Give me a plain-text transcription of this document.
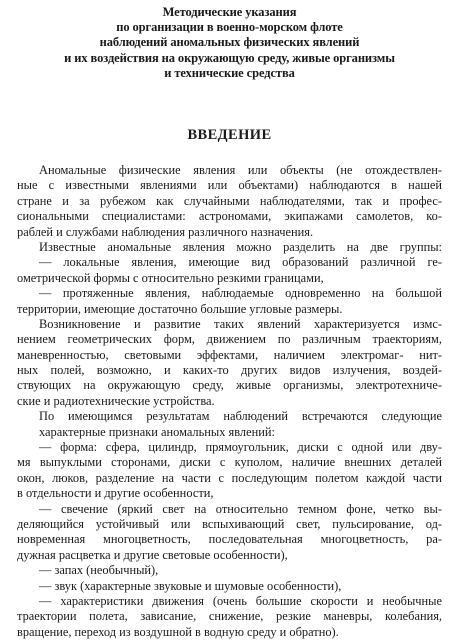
Методические указания
по организации в военно-морском флоте
наблюдений аномальных физических явлений
и их воздействия на окружающую среду, живые организмы
и технические средства
ВВЕДЕНИЕ
Аномальные физические явления или объекты (не отождествлен-
ные с известными явлениями или объектами) наблюдаются в нашей
стране и за рубежом как случайными наблюдателями, так и профес-
сиональными специалистами: астрономами, экипажами самолетов, ко-
раблей и службами наблюдения различного назначения.
Известные аномальные явления можно разделить на две группы:
— локальные явления, имеющие вид образований различной ге-
ометрической формы с относительно резкими границами,
— протяженные явления, наблюдаемые одновременно на большой
территории, имеющие достаточно большие угловые размеры.
Возникновение и развитие таких явлений характеризуется измс-
нением геометрических форм, движением по различным траекториям,
маневренностью, световыми эффектами, наличием электромаг- нит-
ных полей, возможно, и каких-то других видов излучения, воздей-
ствующих на окружающую среду, живые организмы, электротехниче-
ские и радиотехнические устройства.
По имеющимся результатам наблюдений встречаются следующие
характерные признаки аномальных явлений:
— форма: сфера, цилиндр, прямоугольник, диски с одной или дву-
мя выпуклыми сторонами, диски с куполом, наличие внешних деталей
окон, люков, разделение на части с последующим полетом каждой части
в отдельности и другие особенности,
— свечение (яркий свет на относительно темном фоне, четко вы-
деляющийся устойчивый или вспыхивающий свет, пульсирование, од-
новременная многоцветность, последовательная многоцветность, ра-
дужная расцветка и другие световые особенности),
— запах (необычный),
— звук (характерные звуковые и шумовые особенности),
— характеристики движения (очень большие скорости и необычные
траектории полета, зависание, снижение, резкие маневры, колебания,
вращение, переход из воздушной в водную среду и обратно).
